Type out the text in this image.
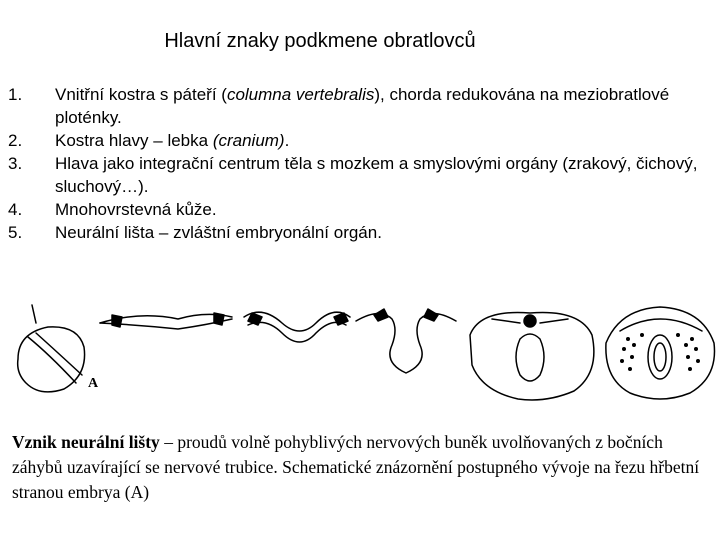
Hlavní znaky podkmene obratlovců
1.	Vnitřní kostra s páteří (columna vertebralis), chorda redukována na meziobratlové ploténky.
2.	Kostra hlavy – lebka (cranium).
3.	Hlava jako integrační centrum těla s mozkem a smyslovými orgány (zrakový, čichový, sluchový…).
4.	Mnohovrstevná kůže.
5.	Neurální lišta – zvláštní embryonální orgán.
A
Vznik neurální lišty – proudů volně pohyblivých nervových buněk uvolňovaných z bočních záhybů uzavírající se nervové trubice. Schematické znázornění postupného vývoje na řezu hřbetní stranou embrya (A)
